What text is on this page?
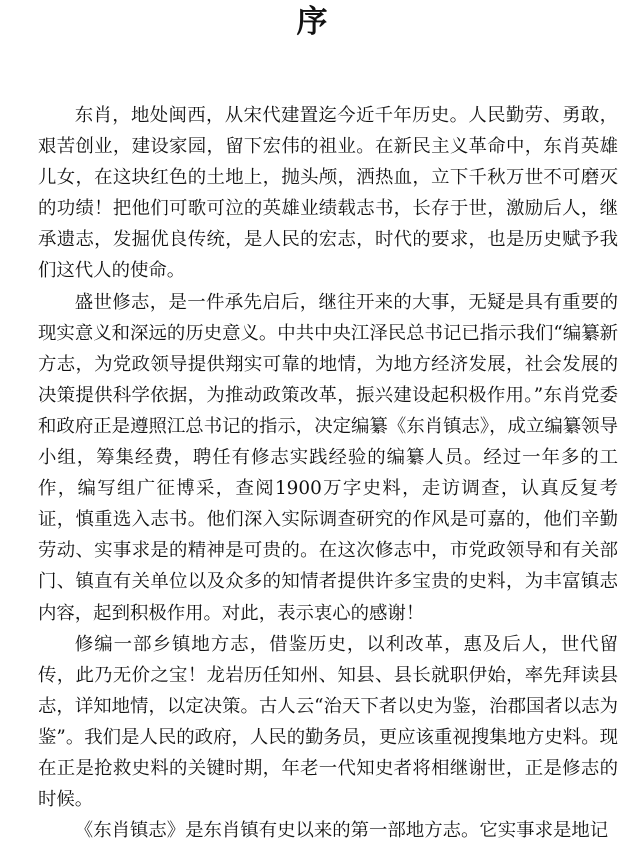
序

东肖，地处闽西，从宋代建置迄今近千年历史。人民勤劳、勇敢，艰苦创业，建设家园，留下宏伟的祖业。在新民主义革命中，东肖英雄儿女，在这块红色的土地上，抛头颅，洒热血，立下千秋万世不可磨灭的功绩！把他们可歌可泣的英雄业绩载志书，长存于世，激励后人，继承遗志，发掘优良传统，是人民的宏志，时代的要求，也是历史赋予我们这代人的使命。

盛世修志，是一件承先启后，继往开来的大事，无疑是具有重要的现实意义和深远的历史意义。中共中央江泽民总书记已指示我们“编纂新方志，为党政领导提供翔实可靠的地情，为地方经济发展，社会发展的决策提供科学依据，为推动政策改革，振兴建设起积极作用。”东肖党委和政府正是遵照江总书记的指示，决定编纂《东肖镇志》，成立编纂领导小组，筹集经费，聘任有修志实践经验的编纂人员。经过一年多的工作，编写组广征博采，查阅1900万字史料，走访调查，认真反复考证，慎重选入志书。他们深入实际调查研究的作风是可嘉的，他们辛勤劳动、实事求是的精神是可贵的。在这次修志中，市党政领导和有关部门、镇直有关单位以及众多的知情者提供许多宝贵的史料，为丰富镇志内容，起到积极作用。对此，表示衷心的感谢！

修编一部乡镇地方志，借鉴历史，以利改革，惠及后人，世代留传，此乃无价之宝！龙岩历任知州、知县、县长就职伊始，率先拜读县志，详知地情，以定决策。古人云“治天下者以史为鉴，治郡国者以志为鉴”。我们是人民的政府，人民的勤务员，更应该重视搜集地方史料。现在正是抢救史料的关键时期，年老一代知史者将相继谢世，正是修志的时候。

《东肖镇志》是东肖镇有史以来的第一部地方志。它实事求是地记
